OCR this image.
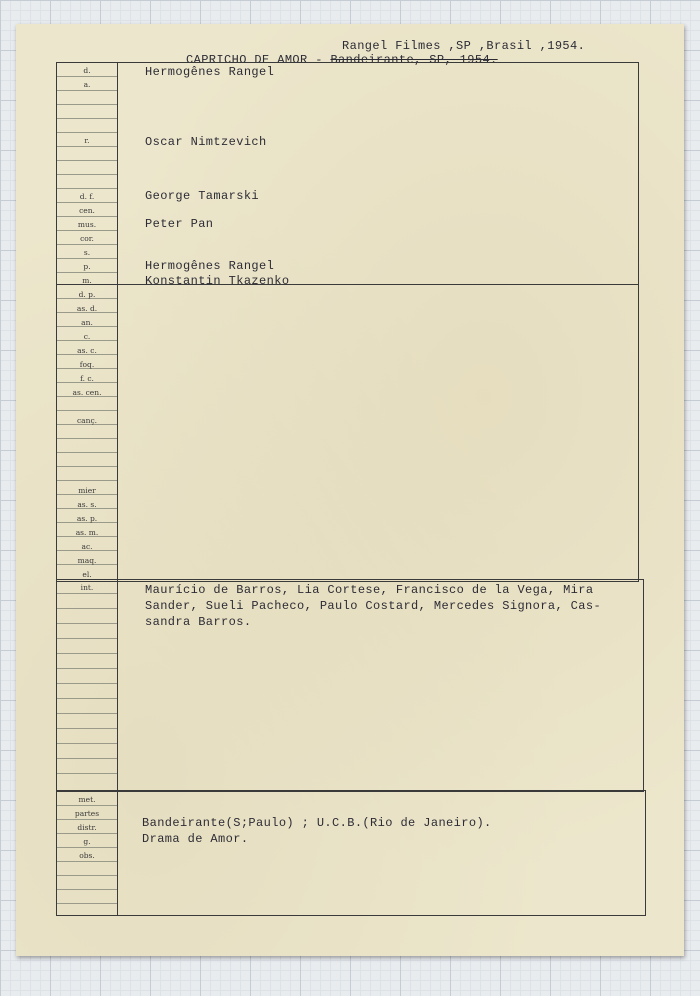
Rangel Filmes ,SP ,Brasil ,1954.
CAPRICHO DE AMOR - Bandeirante, SP, 1954.
d.
a.
r.
d. f.
cen.
mus.
cor.
s.
p.
m.
d. p.
as. d.
an.
c.
as. c.
foq.
f. c.
as. cen.
canç.
mier
as. s.
as. p.
as. m.
ac.
maq.
el.
int.
met.
partes
distr.
g.
obs.
Hermogênes Rangel
Oscar Nimtzevich
George Tamarski
Peter Pan
Hermogênes Rangel
Konstantin Tkazenko
Maurício de Barros, Lia Cortese, Francisco de la Vega, Mira
Sander, Sueli Pacheco, Paulo Costard, Mercedes Signora, Cas-
sandra Barros.
Bandeirante(S;Paulo) ; U.C.B.(Rio de Janeiro).
Drama de Amor.
